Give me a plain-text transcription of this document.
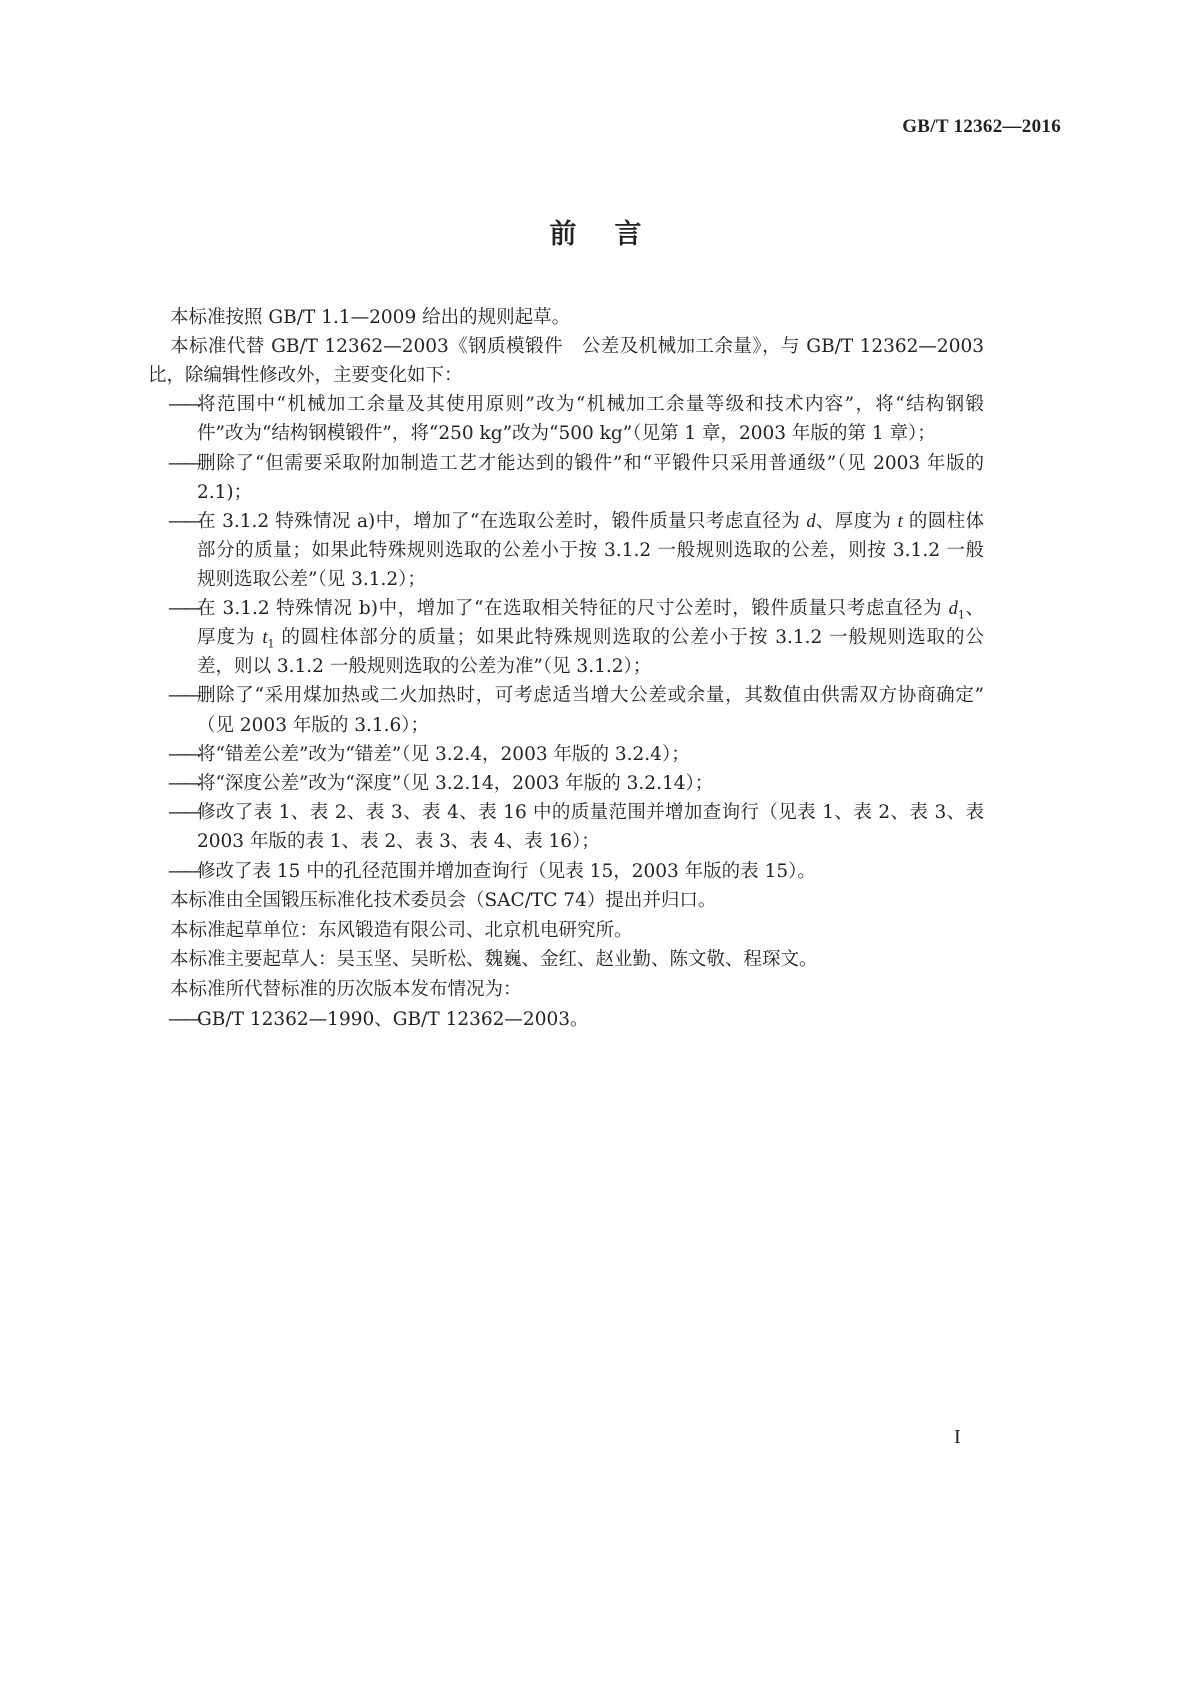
GB/T 12362—2016
前言
本标准按照 GB/T 1.1—2009 给出的规则起草。
本标准代替 GB/T 12362—2003《钢质模锻件　公差及机械加工余量》，与 GB/T 12362—2003
比，除编辑性修改外，主要变化如下：
——
将范围中“机械加工余量及其使用原则”改为“机械加工余量等级和技术内容”，将“结构钢锻
件”改为“结构钢模锻件”，将“250 kg”改为“500 kg”（见第 1 章，2003 年版的第 1 章）；
——
删除了“但需要采取附加制造工艺才能达到的锻件”和“平锻件只采用普通级”（见 2003 年版的
2.1)；
——
在 3.1.2 特殊情况 a)中，增加了“在选取公差时，锻件质量只考虑直径为 d、厚度为 t 的圆柱体
部分的质量；如果此特殊规则选取的公差小于按 3.1.2 一般规则选取的公差，则按 3.1.2 一般
规则选取公差”（见 3.1.2）；
——
在 3.1.2 特殊情况 b)中，增加了“在选取相关特征的尺寸公差时，锻件质量只考虑直径为 $d_1$、
厚度为 $t_1$ 的圆柱体部分的质量；如果此特殊规则选取的公差小于按 3.1.2 一般规则选取的公
差，则以 3.1.2 一般规则选取的公差为准”（见 3.1.2）；
——
删除了“采用煤加热或二火加热时，可考虑适当增大公差或余量，其数值由供需双方协商确定”
（见 2003 年版的 3.1.6）；
——
将“错差公差”改为“错差”（见 3.2.4，2003 年版的 3.2.4）；
——
将“深度公差”改为“深度”（见 3.2.14，2003 年版的 3.2.14）；
——
修改了表 1、表 2、表 3、表 4、表 16 中的质量范围并增加查询行（见表 1、表 2、表 3、表
2003 年版的表 1、表 2、表 3、表 4、表 16）；
——
修改了表 15 中的孔径范围并增加查询行（见表 15，2003 年版的表 15）。
本标准由全国锻压标准化技术委员会（SAC/TC 74）提出并归口。
本标准起草单位：东风锻造有限公司、北京机电研究所。
本标准主要起草人：吴玉坚、吴昕松、魏巍、金红、赵业勤、陈文敬、程琛文。
本标准所代替标准的历次版本发布情况为：
——
GB/T 12362—1990、GB/T 12362—2003。
I
